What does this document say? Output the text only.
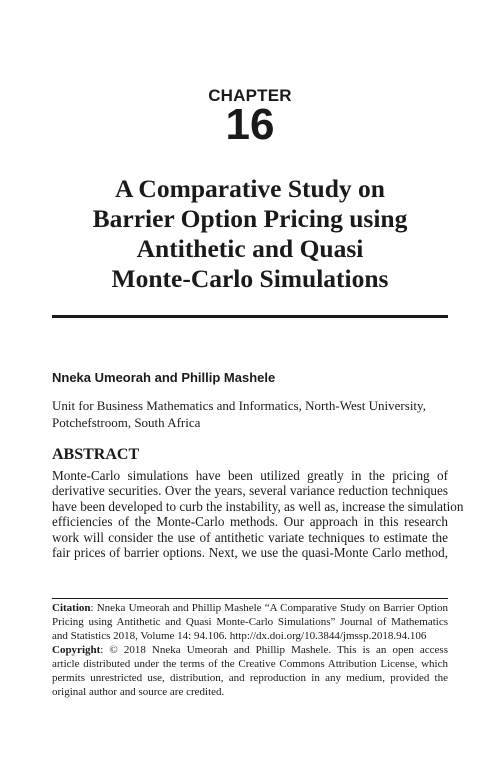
CHAPTER
16
A Comparative Study on
Barrier Option Pricing using
Antithetic and Quasi
Monte-Carlo Simulations
Nneka Umeorah and Phillip Mashele
Unit for Business Mathematics and Informatics, North-West University,
Potchefstroom, South Africa
ABSTRACT
Monte-Carlo simulations have been utilized greatly in the pricing of
derivative securities. Over the years, several variance reduction techniques
have been developed to curb the instability, as well as, increase the simulation
efficiencies of the Monte-Carlo methods. Our approach in this research
work will consider the use of antithetic variate techniques to estimate the
fair prices of barrier options. Next, we use the quasi-Monte Carlo method,
Citation: Nneka Umeorah and Phillip Mashele “A Comparative Study on Barrier Option
Pricing using Antithetic and Quasi Monte-Carlo Simulations” Journal of Mathematics
and Statistics 2018, Volume 14: 94.106. http://dx.doi.org/10.3844/jmssp.2018.94.106
Copyright: © 2018 Nneka Umeorah and Phillip Mashele. This is an open access
article distributed under the terms of the Creative Commons Attribution License, which
permits unrestricted use, distribution, and reproduction in any medium, provided the
original author and source are credited.
